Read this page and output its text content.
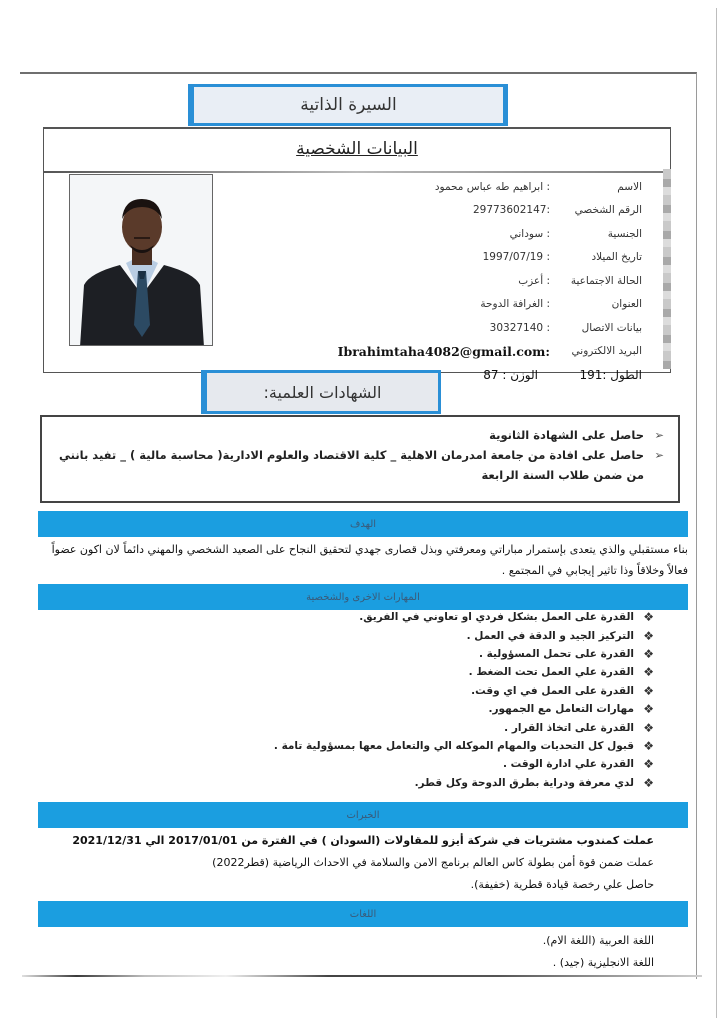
السيرة الذاتية
البيانات الشخصية
الاسم
: ابراهيم طه عباس محمود
الرقم الشخصي
:29773602147
الجنسية
: سوداني
تاريخ الميلاد
: 1997/07/19
الحالة الاجتماعية
: أعزب
العنوان
: الغرافة الدوحة
بيانات الاتصال
: 30327140
البريد الالكتروني
Ibrahimtaha4082@gmail.com:
الطول :191
الوزن : 87
الشهادات العلمية:
➢
حاصل على الشهادة الثانوية
➢
حاصل على افادة من جامعة امدرمان الاهلية _ كلية الاقتصاد والعلوم الادارية( محاسبة مالية ) _ تفيد بانني من ضمن طلاب السنة الرابعة
الهدف
بناء مستقبلي والذي يتعدى بإستمرار مباراتي ومعرفتي وبذل قصارى جهدي لتحقيق النجاح على الصعيد الشخصي والمهني دائماً لان اكون عضواً فعالاً وخلاقاً وذا تاثير إيجابي في المجتمع .
المهارات الاخرى والشخصية
❖
القدرة على العمل بشكل فردي او تعاوني في الفريق.
❖
التركيز الجيد و الدقة في العمل .
❖
القدرة على تحمل المسؤولية .
❖
القدرة علي العمل تحت الضغط .
❖
القدرة على العمل في اي وقت.
❖
مهارات التعامل مع الجمهور.
❖
القدرة على اتخاذ القرار .
❖
قبول كل التحديات والمهام الموكله الي والتعامل معها بمسؤولية تامة .
❖
القدرة علي ادارة الوقت .
❖
لدي معرفة ودراية بطرق الدوحة وكل قطر.
الخبرات
عملت كمندوب مشتريات في شركة أيزو للمقاولات (السودان ) في الفترة من 2017/01/01 الي 2021/12/31
عملت ضمن قوة أمن بطولة كاس العالم برنامج الامن والسلامة في الاحداث الرياضية (قطر2022)
حاصل علي رخصة قيادة قطرية (خفيفة).
اللغات
اللغة العربية (اللغة الام).
اللغة الانجليزية (جيد) .
